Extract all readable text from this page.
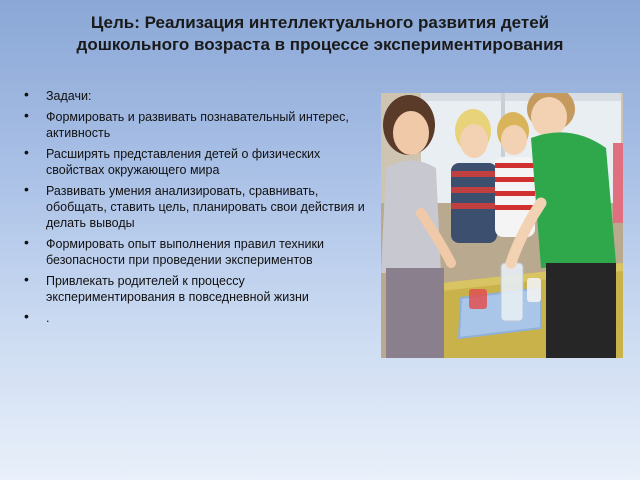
Цель: Реализация интеллектуального развития детей дошкольного возраста в процессе экспериментирования
• Задачи:
• Формировать и развивать познавательный интерес, активность
• Расширять представления детей о физических свойствах окружающего мира
• Развивать умения анализировать, сравнивать, обобщать, ставить цель, планировать свои действия и делать выводы
• Формировать опыт выполнения правил техники безопасности при проведении экспериментов
• Привлекать родителей к процессу экспериментирования в повседневной жизни
• .
